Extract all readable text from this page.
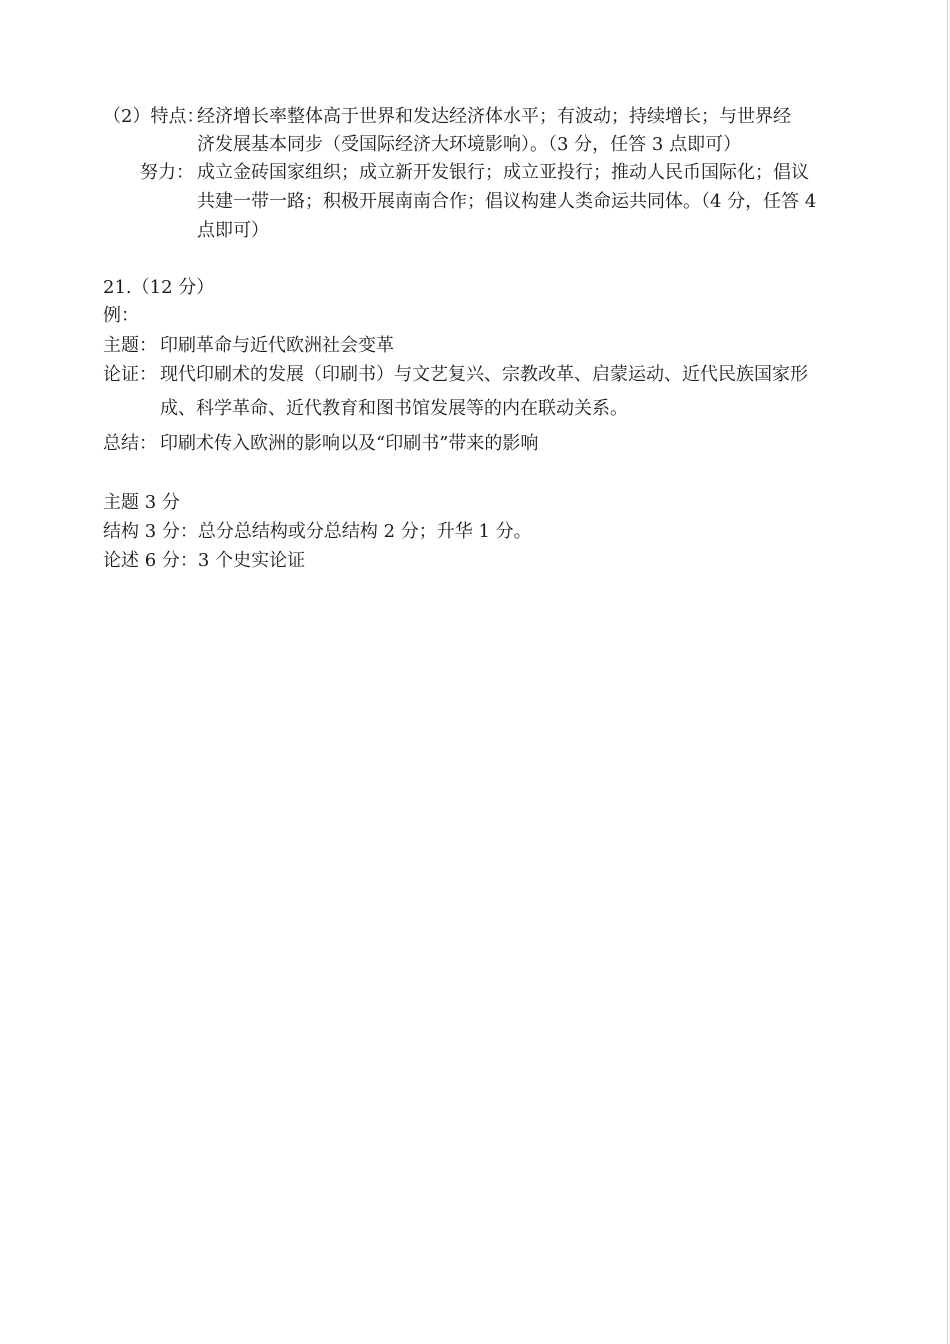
（2）特点：
经济增长率整体高于世界和发达经济体水平；有波动；持续增长；与世界经
济发展基本同步（受国际经济大环境影响）。（3 分，任答 3 点即可）
努力： 成立金砖国家组织；成立新开发银行；成立亚投行；推动人民币国际化；倡议
共建一带一路；积极开展南南合作；倡议构建人类命运共同体。（4 分，任答 4
点即可）
21.（12 分）
例：
主题： 印刷革命与近代欧洲社会变革
论证： 现代印刷术的发展（印刷书）与文艺复兴、宗教改革、启蒙运动、近代民族国家形
成、科学革命、近代教育和图书馆发展等的内在联动关系。
总结： 印刷术传入欧洲的影响以及“印刷书”带来的影响
主题 3 分
结构 3 分：总分总结构或分总结构 2 分；升华 1 分。
论述 6 分：3 个史实论证
